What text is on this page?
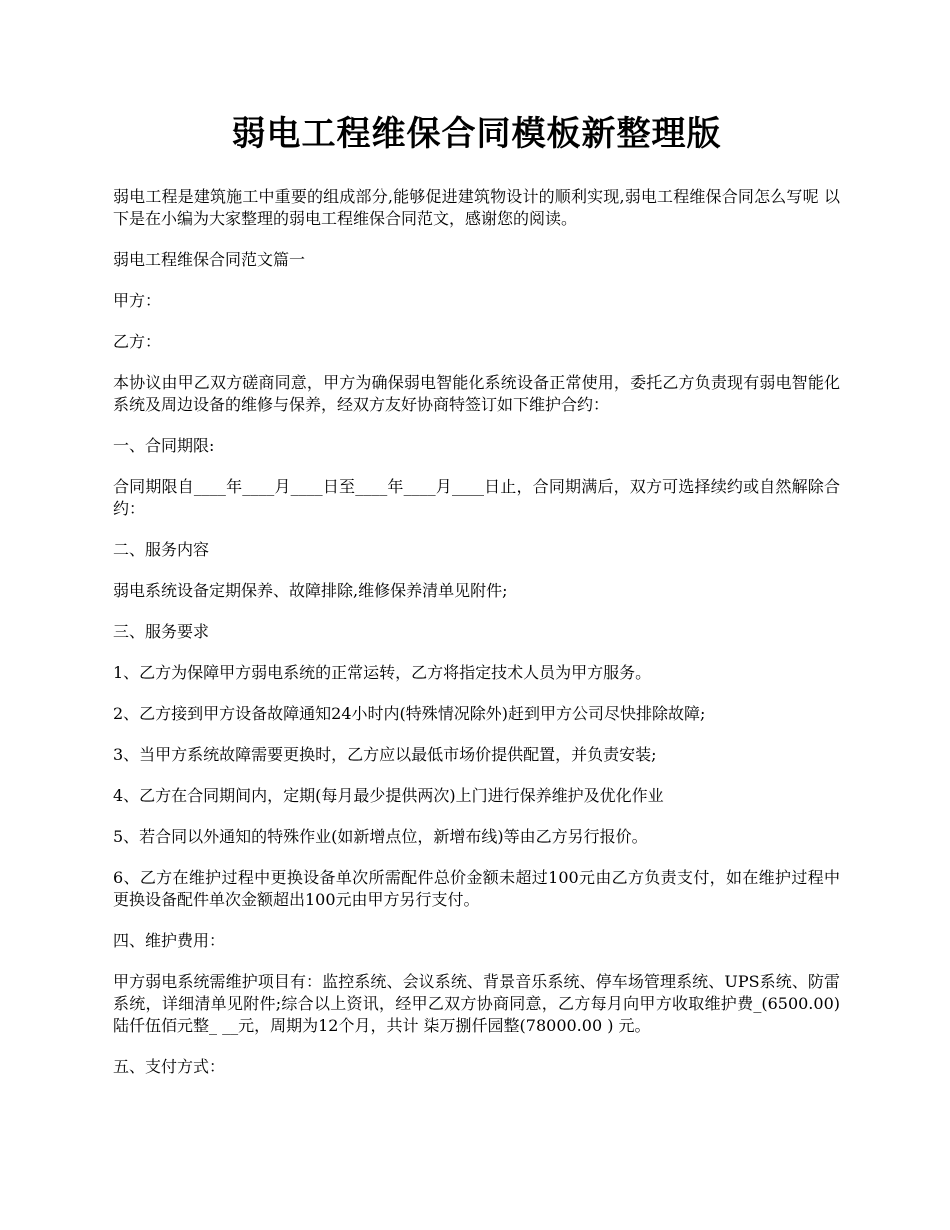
弱电工程维保合同模板新整理版

弱电工程是建筑施工中重要的组成部分,能够促进建筑物设计的顺利实现,弱电工程维保合同怎么写呢 以下是在小编为大家整理的弱电工程维保合同范文，感谢您的阅读。

弱电工程维保合同范文篇一

甲方：

乙方：

本协议由甲乙双方磋商同意，甲方为确保弱电智能化系统设备正常使用，委托乙方负责现有弱电智能化系统及周边设备的维修与保养，经双方友好协商特签订如下维护合约：

一、合同期限:

合同期限自____年____月____日至____年____月____日止，合同期满后，双方可选择续约或自然解除合约：

二、服务内容

弱电系统设备定期保养、故障排除,维修保养清单见附件;

三、服务要求

1、乙方为保障甲方弱电系统的正常运转，乙方将指定技术人员为甲方服务。

2、乙方接到甲方设备故障通知24小时内(特殊情况除外)赶到甲方公司尽快排除故障;

3、当甲方系统故障需要更换时，乙方应以最低市场价提供配置，并负责安装;

4、乙方在合同期间内，定期(每月最少提供两次)上门进行保养维护及优化作业

5、若合同以外通知的特殊作业(如新增点位，新增布线)等由乙方另行报价。

6、乙方在维护过程中更换设备单次所需配件总价金额未超过100元由乙方负责支付，如在维护过程中更换设备配件单次金额超出100元由甲方另行支付。

四、维护费用：

甲方弱电系统需维护项目有：监控系统、会议系统、背景音乐系统、停车场管理系统、UPS系统、防雷系统，详细清单见附件;综合以上资讯，经甲乙双方协商同意，乙方每月向甲方收取维护费_(6500.00)陆仟伍佰元整_ __元，周期为12个月，共计 柒万捌仟园整(78000.00 ) 元。

五、支付方式：
